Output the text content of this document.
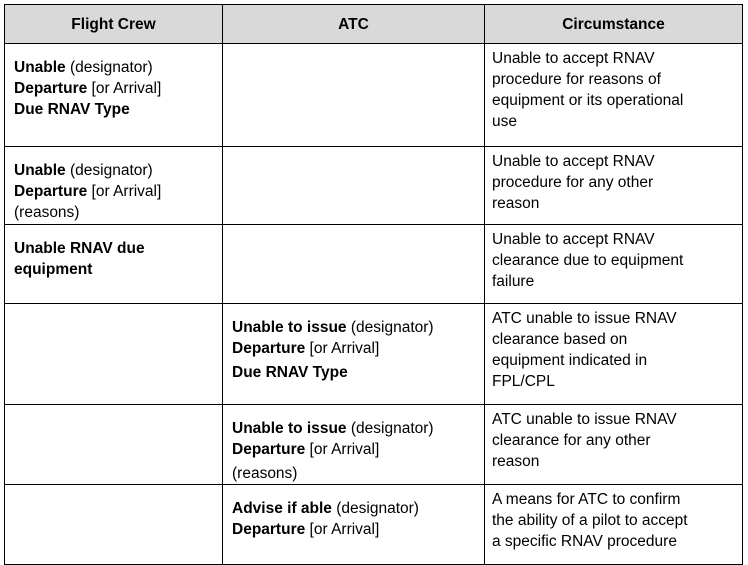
Flight Crew	ATC	Circumstance

Unable (designator)
Departure [or Arrival]
Due RNAV Type		Unable to accept RNAV
procedure for reasons of
equipment or its operational
use

Unable (designator)
Departure [or Arrival]
(reasons)		Unable to accept RNAV
procedure for any other
reason

Unable RNAV due
equipment		Unable to accept RNAV
clearance due to equipment
failure

	Unable to issue (designator)
Departure [or Arrival]
Due RNAV Type	ATC unable to issue RNAV
clearance based on
equipment indicated in
FPL/CPL

	Unable to issue (designator)
Departure [or Arrival]
(reasons)	ATC unable to issue RNAV
clearance for any other
reason

	Advise if able (designator)
Departure [or Arrival]	A means for ATC to confirm
the ability of a pilot to accept
a specific RNAV procedure
